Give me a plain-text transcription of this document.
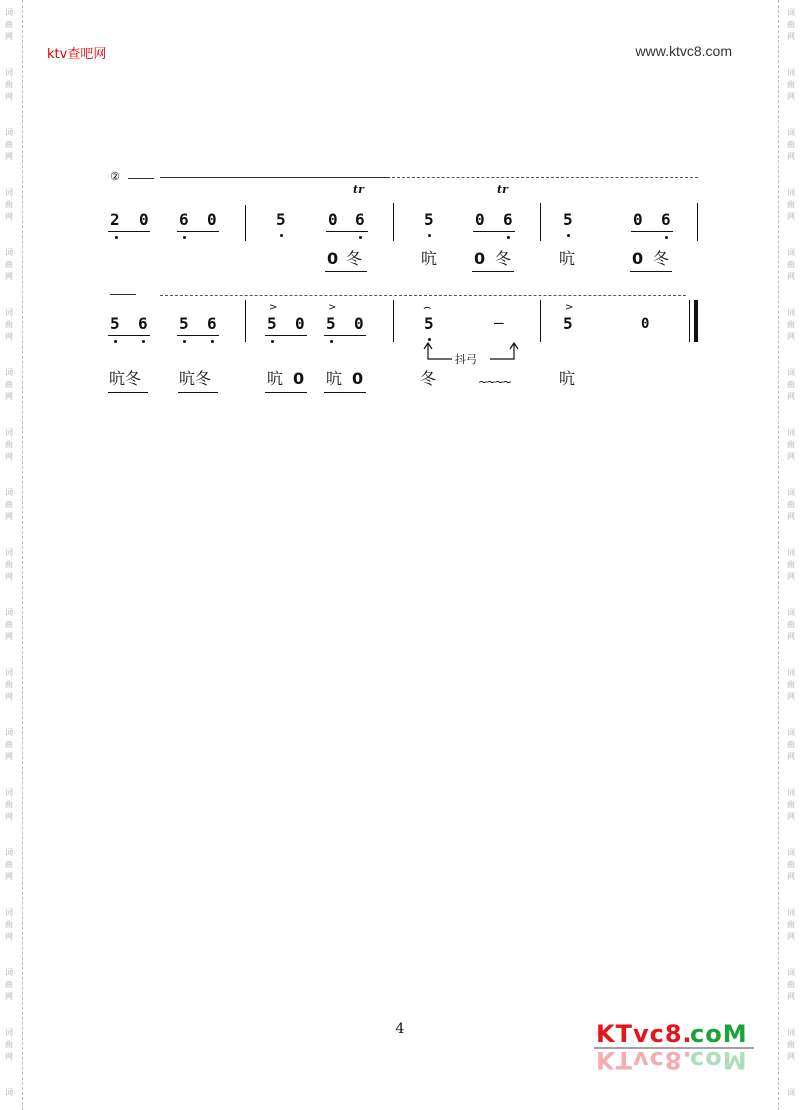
词
曲
网
词
曲
网
词
曲
网
词
曲
网
词
曲
网
词
曲
网
词
曲
网
词
曲
网
词
曲
网
词
曲
网
词
曲
网
词
曲
网
词
曲
网
词
曲
网
词
曲
网
词
曲
网
词
曲
网
词
曲
网
词
词
曲
网
词
曲
网
词
曲
网
词
曲
网
词
曲
网
词
曲
网
词
曲
网
词
曲
网
词
曲
网
词
曲
网
词
曲
网
词
曲
网
词
曲
网
词
曲
网
词
曲
网
词
曲
网
词
曲
网
词
曲
网
词
ktv查吧网	www.ktvc8.com
②
tr	tr
2 0 6 0	5	0 6	5	0 6	5	0 6
0 冬	吭 0 冬	吭	0 冬
5 6 5 6
>
5 0
>
5 0
⌢
5	—
>
5	0
抖弓
吭冬 吭冬	吭 0 吭 0	冬	~~~~	吭
4	KTvc8.
coM
KTvc8.
coM
